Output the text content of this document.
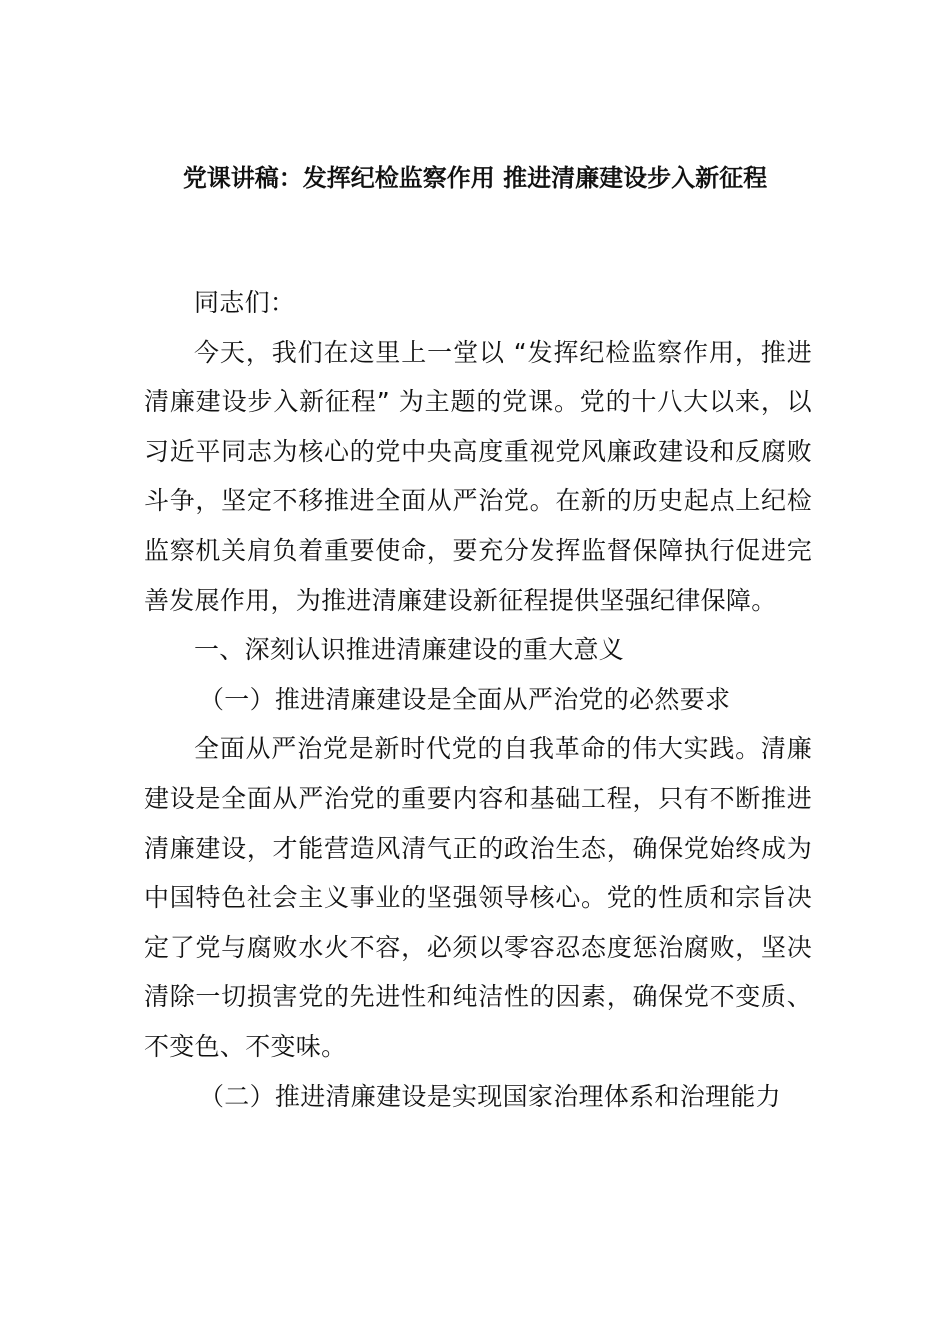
党课讲稿：发挥纪检监察作用 推进清廉建设步入新征程

同志们：

今天，我们在这里上一堂以 “发挥纪检监察作用，推进清廉建设步入新征程” 为主题的党课。党的十八大以来，以习近平同志为核心的党中央高度重视党风廉政建设和反腐败斗争，坚定不移推进全面从严治党。在新的历史起点上纪检监察机关肩负着重要使命，要充分发挥监督保障执行促进完善发展作用，为推进清廉建设新征程提供坚强纪律保障。

一、深刻认识推进清廉建设的重大意义

（一）推进清廉建设是全面从严治党的必然要求

全面从严治党是新时代党的自我革命的伟大实践。清廉建设是全面从严治党的重要内容和基础工程，只有不断推进清廉建设，才能营造风清气正的政治生态，确保党始终成为中国特色社会主义事业的坚强领导核心。党的性质和宗旨决定了党与腐败水火不容，必须以零容忍态度惩治腐败，坚决清除一切损害党的先进性和纯洁性的因素，确保党不变质、不变色、不变味。

（二）推进清廉建设是实现国家治理体系和治理能力
